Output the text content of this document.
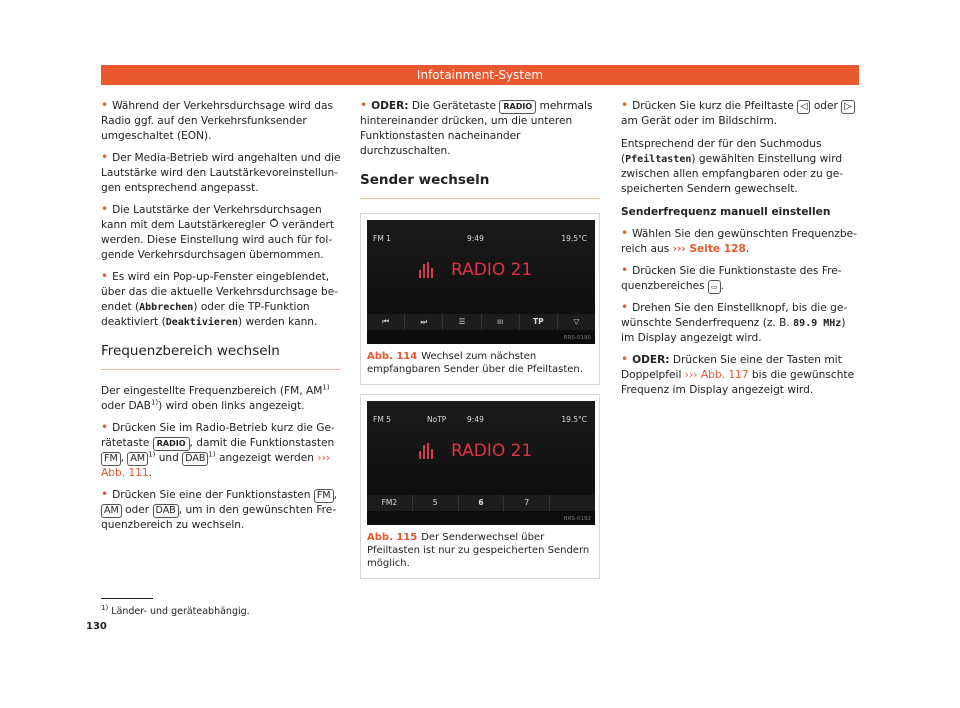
Infotainment-System
• Während der Verkehrsdurchsage wird das Radio ggf. auf den Verkehrsfunksender umgeschaltet (EON).
• Der Media-Betrieb wird angehalten und die Lautstärke wird den Lautstärkevoreinstellungen entsprechend angepasst.
• Die Lautstärke der Verkehrsdurchsagen kann mit dem Lautstärkeregler verändert werden. Diese Einstellung wird auch für folgende Verkehrsdurchsagen übernommen.
• Es wird ein Pop-up-Fenster eingeblendet, über das die aktuelle Verkehrsdurchsage beendet (Abbrechen) oder die TP-Funktion deaktiviert (Deaktivieren) werden kann.
Frequenzbereich wechseln
Der eingestellte Frequenzbereich (FM, AM$^{1)}$ oder DAB$^{1)}$) wird oben links angezeigt.
• Drücken Sie im Radio-Betrieb kurz die Gerätetaste RADIO , damit die Funktionstasten FM , AM $^{1)}$ und DAB $^{1)}$ angezeigt werden ››› Abb. 111.
• Drücken Sie eine der Funktionstasten FM , AM oder DAB , um in den gewünschten Frequenzbereich zu wechseln.
• ODER: Die Gerätetaste RADIO mehrmals hintereinander drücken, um die unteren Funktionstasten nacheinander durchzuschalten.
Sender wechseln
FM 1	9:49	19.5°C
RADIO 21
⏮	⏭	☰	ııı	TP	▽
BRS-0190
Abb. 114 Wechsel zum nächsten empfangbaren Sender über die Pfeiltasten.
FM 5	NoTP	9:49	19.5°C
RADIO 21
FM2	5	6	7
BRS-0192
Abb. 115 Der Senderwechsel über Pfeiltasten ist nur zu gespeicherten Sendern möglich.
• Drücken Sie kurz die Pfeiltaste ◁ oder ▷ am Gerät oder im Bildschirm.
Entsprechend der für den Suchmodus (Pfeiltasten) gewählten Einstellung wird zwischen allen empfangbaren oder zu gespeicherten Sendern gewechselt.
Senderfrequenz manuell einstellen
• Wählen Sie den gewünschten Frequenzbereich aus ››› Seite 128.
• Drücken Sie die Funktionstaste des Frequenzbereiches ▭ .
• Drehen Sie den Einstellknopf, bis die gewünschte Senderfrequenz (z. B. 89.9 MHz) im Display angezeigt wird.
• ODER: Drücken Sie eine der Tasten mit Doppelpfeil ››› Abb. 117 bis die gewünschte Frequenz im Display angezeigt wird.
$^{1)}$ Länder- und geräteabhängig.
130
